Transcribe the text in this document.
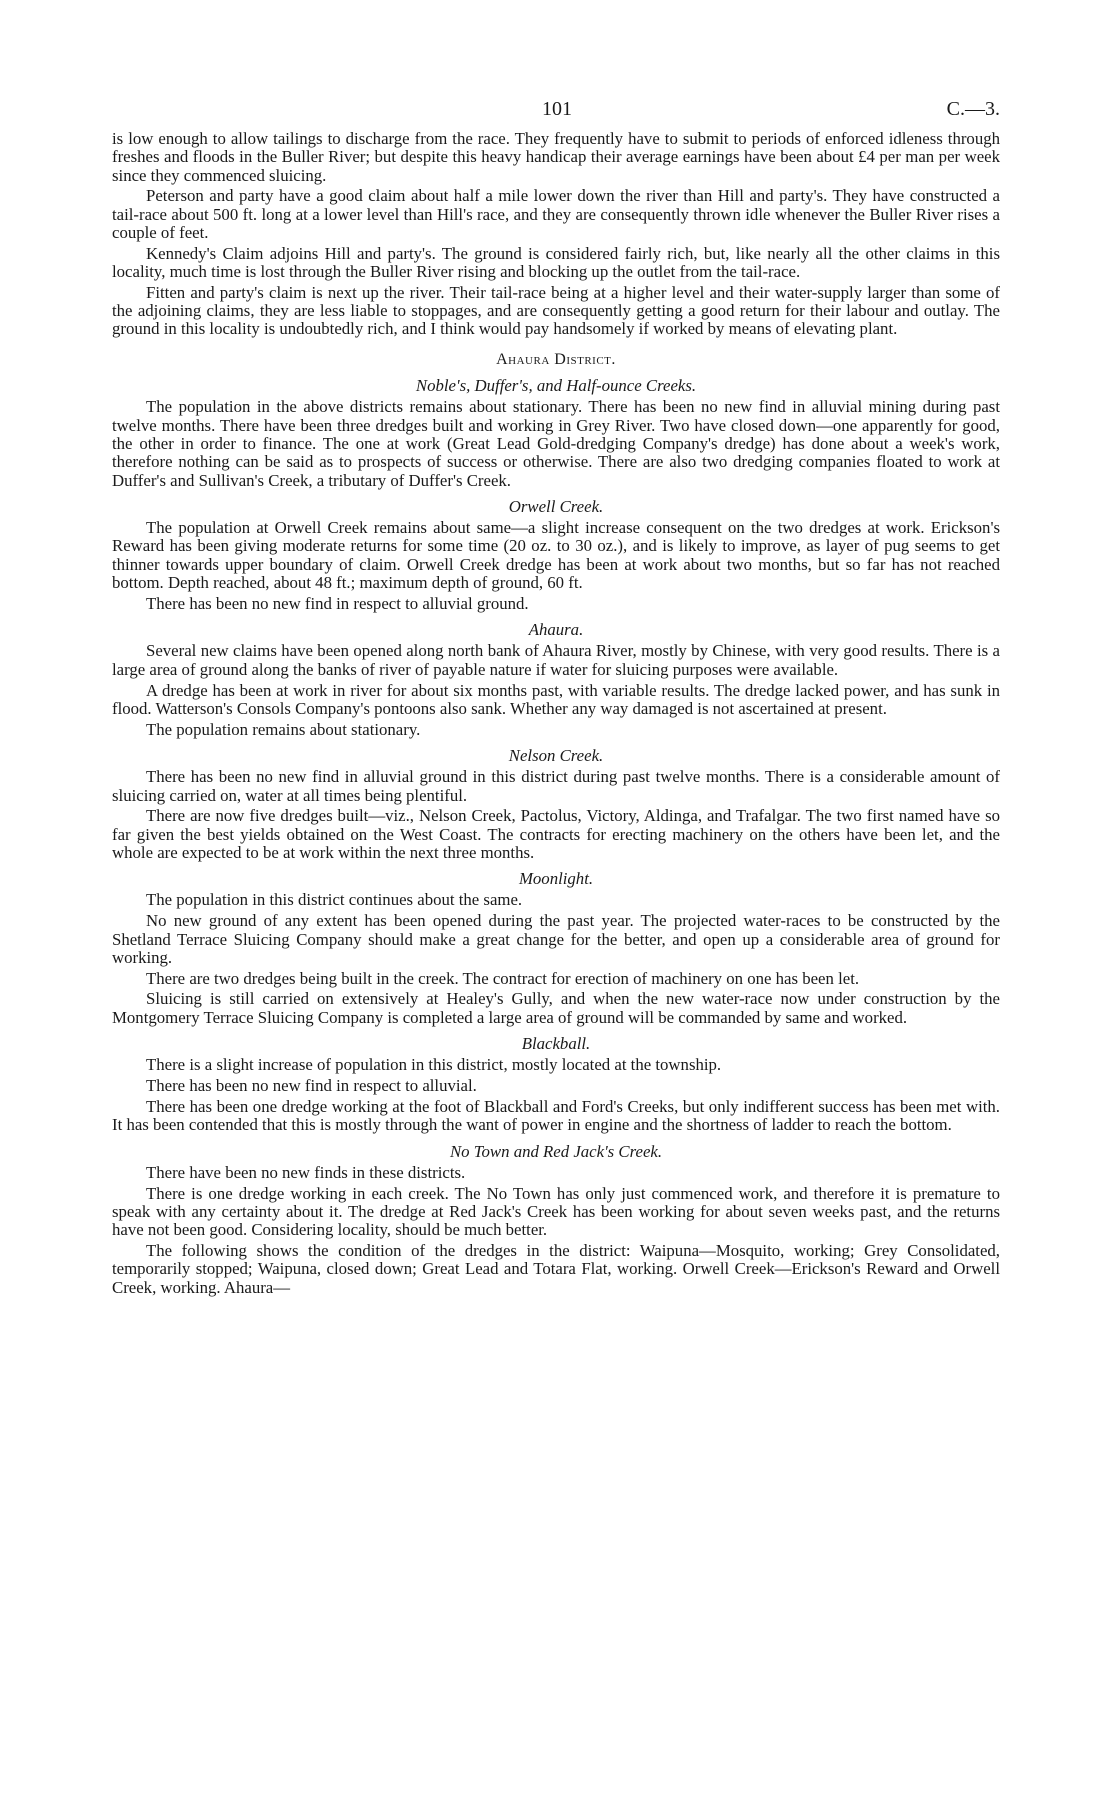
101	C.—3.

is low enough to allow tailings to discharge from the race. They frequently have to submit to periods of enforced idleness through freshes and floods in the Buller River; but despite this heavy handicap their average earnings have been about £4 per man per week since they commenced sluicing.

Peterson and party have a good claim about half a mile lower down the river than Hill and party's. They have constructed a tail-race about 500 ft. long at a lower level than Hill's race, and they are consequently thrown idle whenever the Buller River rises a couple of feet.

Kennedy's Claim adjoins Hill and party's. The ground is considered fairly rich, but, like nearly all the other claims in this locality, much time is lost through the Buller River rising and blocking up the outlet from the tail-race.

Fitten and party's claim is next up the river. Their tail-race being at a higher level and their water-supply larger than some of the adjoining claims, they are less liable to stoppages, and are consequently getting a good return for their labour and outlay. The ground in this locality is undoubtedly rich, and I think would pay handsomely if worked by means of elevating plant.

Ahaura District.
Noble's, Duffer's, and Half-ounce Creeks.

The population in the above districts remains about stationary. There has been no new find in alluvial mining during past twelve months. There have been three dredges built and working in Grey River. Two have closed down—one apparently for good, the other in order to finance. The one at work (Great Lead Gold-dredging Company's dredge) has done about a week's work, therefore nothing can be said as to prospects of success or otherwise. There are also two dredging companies floated to work at Duffer's and Sullivan's Creek, a tributary of Duffer's Creek.

Orwell Creek.

The population at Orwell Creek remains about same—a slight increase consequent on the two dredges at work. Erickson's Reward has been giving moderate returns for some time (20 oz. to 30 oz.), and is likely to improve, as layer of pug seems to get thinner towards upper boundary of claim. Orwell Creek dredge has been at work about two months, but so far has not reached bottom. Depth reached, about 48 ft.; maximum depth of ground, 60 ft.

There has been no new find in respect to alluvial ground.

Ahaura.

Several new claims have been opened along north bank of Ahaura River, mostly by Chinese, with very good results. There is a large area of ground along the banks of river of payable nature if water for sluicing purposes were available.

A dredge has been at work in river for about six months past, with variable results. The dredge lacked power, and has sunk in flood. Watterson's Consols Company's pontoons also sank. Whether any way damaged is not ascertained at present.

The population remains about stationary.

Nelson Creek.

There has been no new find in alluvial ground in this district during past twelve months. There is a considerable amount of sluicing carried on, water at all times being plentiful.

There are now five dredges built—viz., Nelson Creek, Pactolus, Victory, Aldinga, and Trafalgar. The two first named have so far given the best yields obtained on the West Coast. The contracts for erecting machinery on the others have been let, and the whole are expected to be at work within the next three months.

Moonlight.

The population in this district continues about the same.

No new ground of any extent has been opened during the past year. The projected water-races to be constructed by the Shetland Terrace Sluicing Company should make a great change for the better, and open up a considerable area of ground for working.

There are two dredges being built in the creek. The contract for erection of machinery on one has been let.

Sluicing is still carried on extensively at Healey's Gully, and when the new water-race now under construction by the Montgomery Terrace Sluicing Company is completed a large area of ground will be commanded by same and worked.

Blackball.

There is a slight increase of population in this district, mostly located at the township.

There has been no new find in respect to alluvial.

There has been one dredge working at the foot of Blackball and Ford's Creeks, but only indifferent success has been met with. It has been contended that this is mostly through the want of power in engine and the shortness of ladder to reach the bottom.

No Town and Red Jack's Creek.

There have been no new finds in these districts.

There is one dredge working in each creek. The No Town has only just commenced work, and therefore it is premature to speak with any certainty about it. The dredge at Red Jack's Creek has been working for about seven weeks past, and the returns have not been good. Considering locality, should be much better.

The following shows the condition of the dredges in the district: Waipuna—Mosquito, working; Grey Consolidated, temporarily stopped; Waipuna, closed down; Great Lead and Totara Flat, working. Orwell Creek—Erickson's Reward and Orwell Creek, working. Ahaura—
